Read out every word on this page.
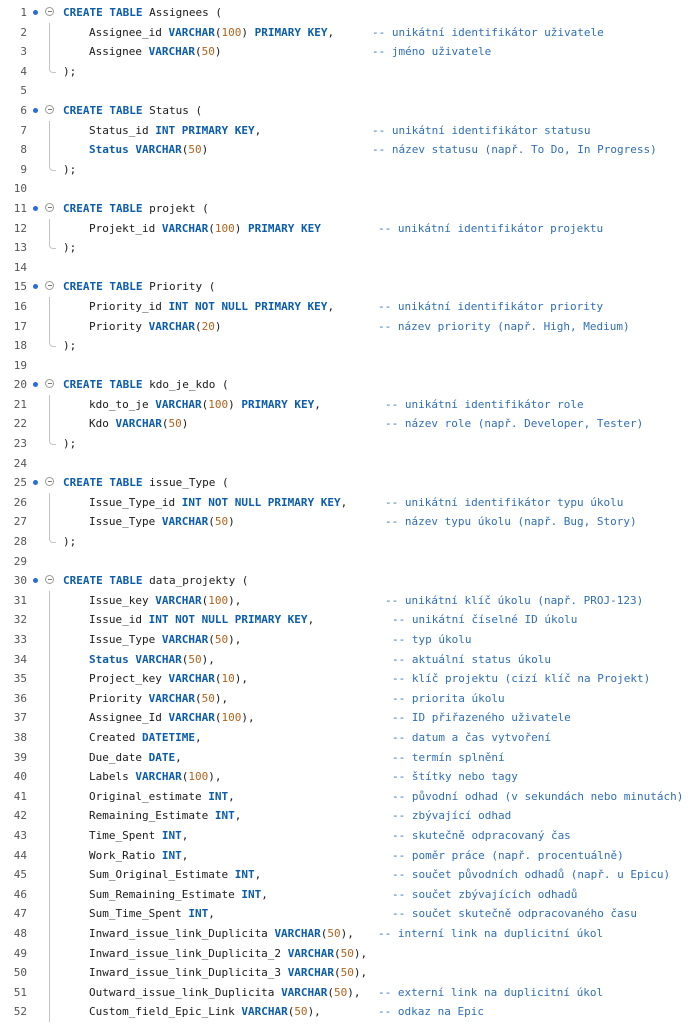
1	CREATE TABLE Assignees (
2	Assignee_id VARCHAR(100) PRIMARY KEY,	-- unikátní identifikátor uživatele
3	Assignee VARCHAR(50)	-- jméno uživatele
4	);
5
6	CREATE TABLE Status (
7	Status_id INT PRIMARY KEY,	-- unikátní identifikátor statusu
8	Status VARCHAR(50)	-- název statusu (např. To Do, In Progress)
9	);
10
11	CREATE TABLE projekt (
12	Projekt_id VARCHAR(100) PRIMARY KEY	-- unikátní identifikátor projektu
13	);
14
15	CREATE TABLE Priority (
16	Priority_id INT NOT NULL PRIMARY KEY,	-- unikátní identifikátor priority
17	Priority VARCHAR(20)	-- název priority (např. High, Medium)
18	);
19
20	CREATE TABLE kdo_je_kdo (
21	kdo_to_je VARCHAR(100) PRIMARY KEY,	-- unikátní identifikátor role
22	Kdo VARCHAR(50)	-- název role (např. Developer, Tester)
23	);
24
25	CREATE TABLE issue_Type (
26	Issue_Type_id INT NOT NULL PRIMARY KEY,	-- unikátní identifikátor typu úkolu
27	Issue_Type VARCHAR(50)	-- název typu úkolu (např. Bug, Story)
28	);
29
30	CREATE TABLE data_projekty (
31	Issue_key VARCHAR(100),	-- unikátní klíč úkolu (např. PROJ-123)
32	Issue_id INT NOT NULL PRIMARY KEY,	-- unikátní číselné ID úkolu
33	Issue_Type VARCHAR(50),	-- typ úkolu
34	Status VARCHAR(50),	-- aktuální status úkolu
35	Project_key VARCHAR(10),	-- klíč projektu (cizí klíč na Projekt)
36	Priority VARCHAR(50),	-- priorita úkolu
37	Assignee_Id VARCHAR(100),	-- ID přiřazeného uživatele
38	Created DATETIME,	-- datum a čas vytvoření
39	Due_date DATE,	-- termín splnění
40	Labels VARCHAR(100),	-- štítky nebo tagy
41	Original_estimate INT,	-- původní odhad (v sekundách nebo minutách)
42	Remaining_Estimate INT,	-- zbývající odhad
43	Time_Spent INT,	-- skutečně odpracovaný čas
44	Work_Ratio INT,	-- poměr práce (např. procentuálně)
45	Sum_Original_Estimate INT,	-- součet původních odhadů (např. u Epicu)
46	Sum_Remaining_Estimate INT,	-- součet zbývajících odhadů
47	Sum_Time_Spent INT,	-- součet skutečně odpracovaného času
48	Inward_issue_link_Duplicita VARCHAR(50), -- interní link na duplicitní úkol
49	Inward_issue_link_Duplicita_2 VARCHAR(50),
50	Inward_issue_link_Duplicita_3 VARCHAR(50),
51	Outward_issue_link_Duplicita VARCHAR(50), -- externí link na duplicitní úkol
52	Custom_field_Epic_Link VARCHAR(50),	-- odkaz na Epic
